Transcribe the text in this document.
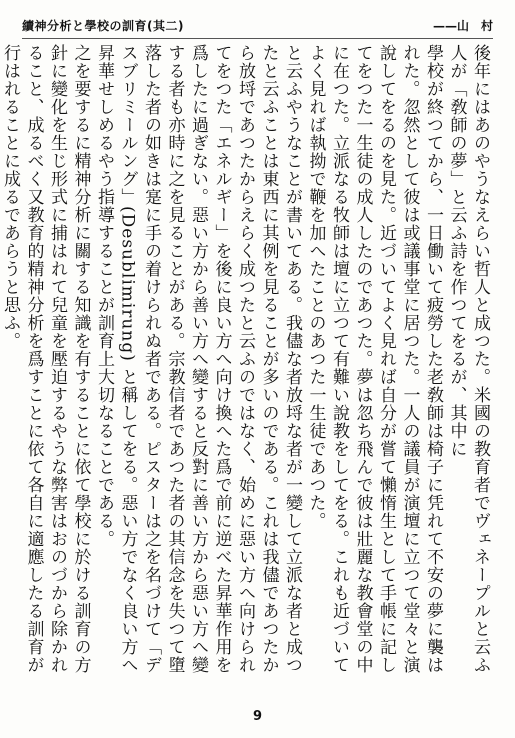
續神分析と學校の訓育(其二)	——山　村

後年にはあのやうなえらい哲人と成つた。米國の教育者でヴェネープルと云ふ人が「敎師の夢」と云ふ詩を作つてをるが、其中に

學校が終つてから、一日働いて疲勞した老敎師は椅子に凭れて不安の夢に襲はれた。忽然として彼は或議事堂に居つた。一人の議員が演壇に立つて堂々と演說してをるのを見た。近づいてよく見れば自分が嘗て懶惰生として手帳に記してをつた一生徒の成人したのであつた。夢は忽ち飛んで彼は壯麗な教會堂の中に在つた。立派なる牧師は壇に立つて有難い說教をしてをる。これも近づいてよく見れば執拗で鞭を加へたことのあつた一生徒であつた。

と云ふやうなことが書いてある。我儘な者放埒な者が一變して立派な者と成つたと云ふことは東西に其例を見ることが多いのである。これは我儘であつたから放埒であつたからえらく成つたと云ふのではなく、始めに惡い方へ向けられてをつた「エネルギー」を後に良い方へ向け換へた爲で前に逆べた昇華作用を爲したに過ぎない。惡い方から善い方へ變すると反對に善い方から惡い方へ變する者も亦時に之を見ることがある。宗教信者であつた者の其信念を失つて墮落した者の如きは寔に手の着けられぬ者である。ピスターは之を名づけて「デスブリミールング」(Desublimirung) と稱してをる。惡い方でなく良い方へ昇華せしめるやう指導することが訓育上大切なることである。

之を要するに精神分析に關する知識を有することに依て學校に於ける訓育の方針に變化を生じ形式に捕はれて兒童を壓迫するやうな弊害はおのづから除かれること、成るべく又教育的精神分析を爲すことに依て各自に適應したる訓育が行はれることに成るであらうと思ふ。

9
